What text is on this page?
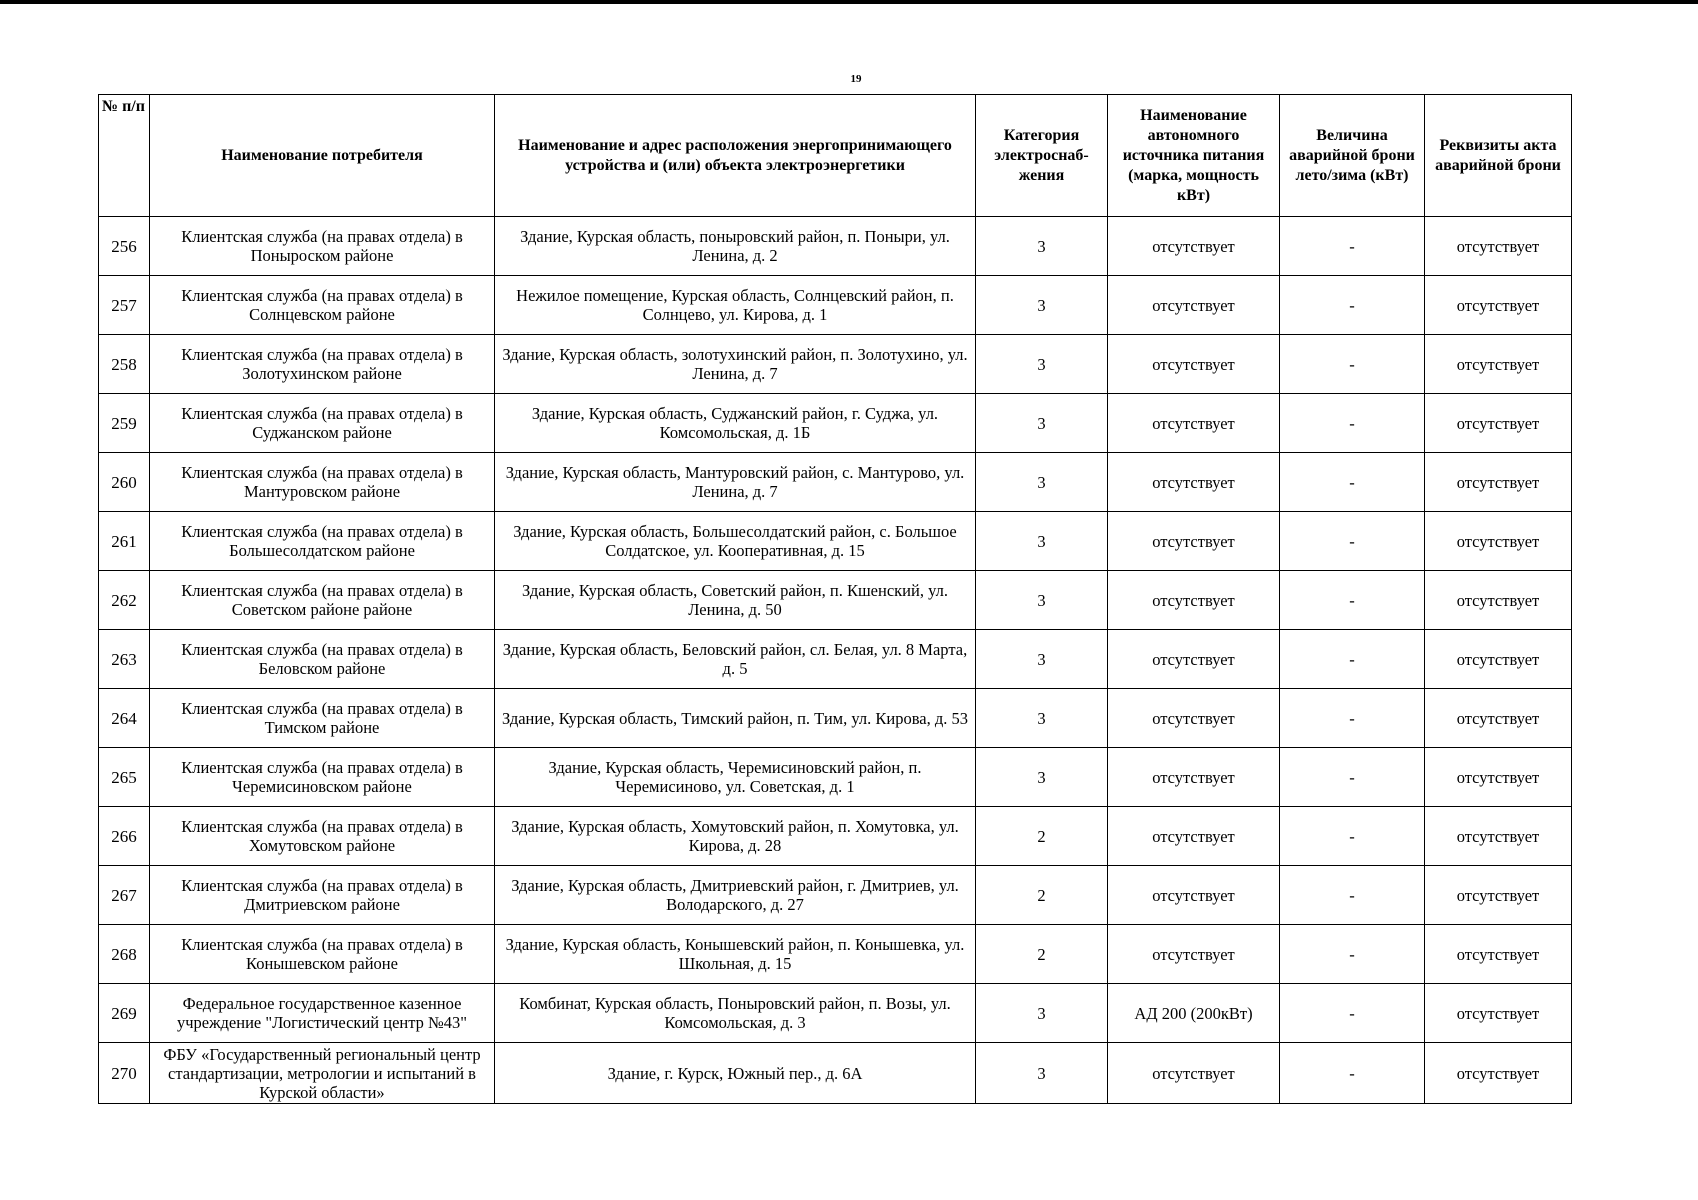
19
№ п/п	Наименование потребителя	Наименование и адрес расположения энергопринимающего устройства и (или) объекта электроэнергетики	Категория электроснаб-жения	Наименование автономного источника питания (марка, мощность кВт)	Величина аварийной брони лето/зима (кВт)	Реквизиты акта аварийной брони
256	Клиентская служба (на правах отдела) в Поныроском районе	Здание, Курская область, поныровский район, п. Поныри, ул. Ленина, д. 2	3	отсутствует	-	отсутствует
257	Клиентская служба (на правах отдела) в Солнцевском районе	Нежилое помещение, Курская область, Солнцевский район, п. Солнцево, ул. Кирова, д. 1	3	отсутствует	-	отсутствует
258	Клиентская служба (на правах отдела) в Золотухинском районе	Здание, Курская область, золотухинский район, п. Золотухино, ул. Ленина, д. 7	3	отсутствует	-	отсутствует
259	Клиентская служба (на правах отдела) в Суджанском районе	Здание, Курская область, Суджанский район, г. Суджа, ул. Комсомольская, д. 1Б	3	отсутствует	-	отсутствует
260	Клиентская служба (на правах отдела) в Мантуровском районе	Здание, Курская область, Мантуровский район, с. Мантурово, ул. Ленина, д. 7	3	отсутствует	-	отсутствует
261	Клиентская служба (на правах отдела) в Большесолдатском районе	Здание, Курская область, Большесолдатский район, с. Большое Солдатское, ул. Кооперативная, д. 15	3	отсутствует	-	отсутствует
262	Клиентская служба (на правах отдела) в Советском районе районе	Здание, Курская область, Советский район, п. Кшенский, ул. Ленина, д. 50	3	отсутствует	-	отсутствует
263	Клиентская служба (на правах отдела) в Беловском районе	Здание, Курская область, Беловский район, сл. Белая, ул. 8 Марта, д. 5	3	отсутствует	-	отсутствует
264	Клиентская служба (на правах отдела) в Тимском районе	Здание, Курская область, Тимский район, п. Тим, ул. Кирова, д. 53	3	отсутствует	-	отсутствует
265	Клиентская служба (на правах отдела) в Черемисиновском районе	Здание, Курская область, Черемисиновский район, п. Черемисиново, ул. Советская, д. 1	3	отсутствует	-	отсутствует
266	Клиентская служба (на правах отдела) в Хомутовском районе	Здание, Курская область, Хомутовский район, п. Хомутовка, ул. Кирова, д. 28	2	отсутствует	-	отсутствует
267	Клиентская служба (на правах отдела) в Дмитриевском районе	Здание, Курская область, Дмитриевский район, г. Дмитриев, ул. Володарского, д. 27	2	отсутствует	-	отсутствует
268	Клиентская служба (на правах отдела) в Конышевском районе	Здание, Курская область, Конышевский район, п. Конышевка, ул. Школьная, д. 15	2	отсутствует	-	отсутствует
269	Федеральное государственное казенное учреждение "Логистический центр №43"	Комбинат, Курская область, Поныровский район, п. Возы, ул. Комсомольская, д. 3	3	АД 200 (200кВт)	-	отсутствует
270	ФБУ «Государственный региональный центр стандартизации, метрологии и испытаний в Курской области»	Здание, г. Курск, Южный пер., д. 6А	3	отсутствует	-	отсутствует
